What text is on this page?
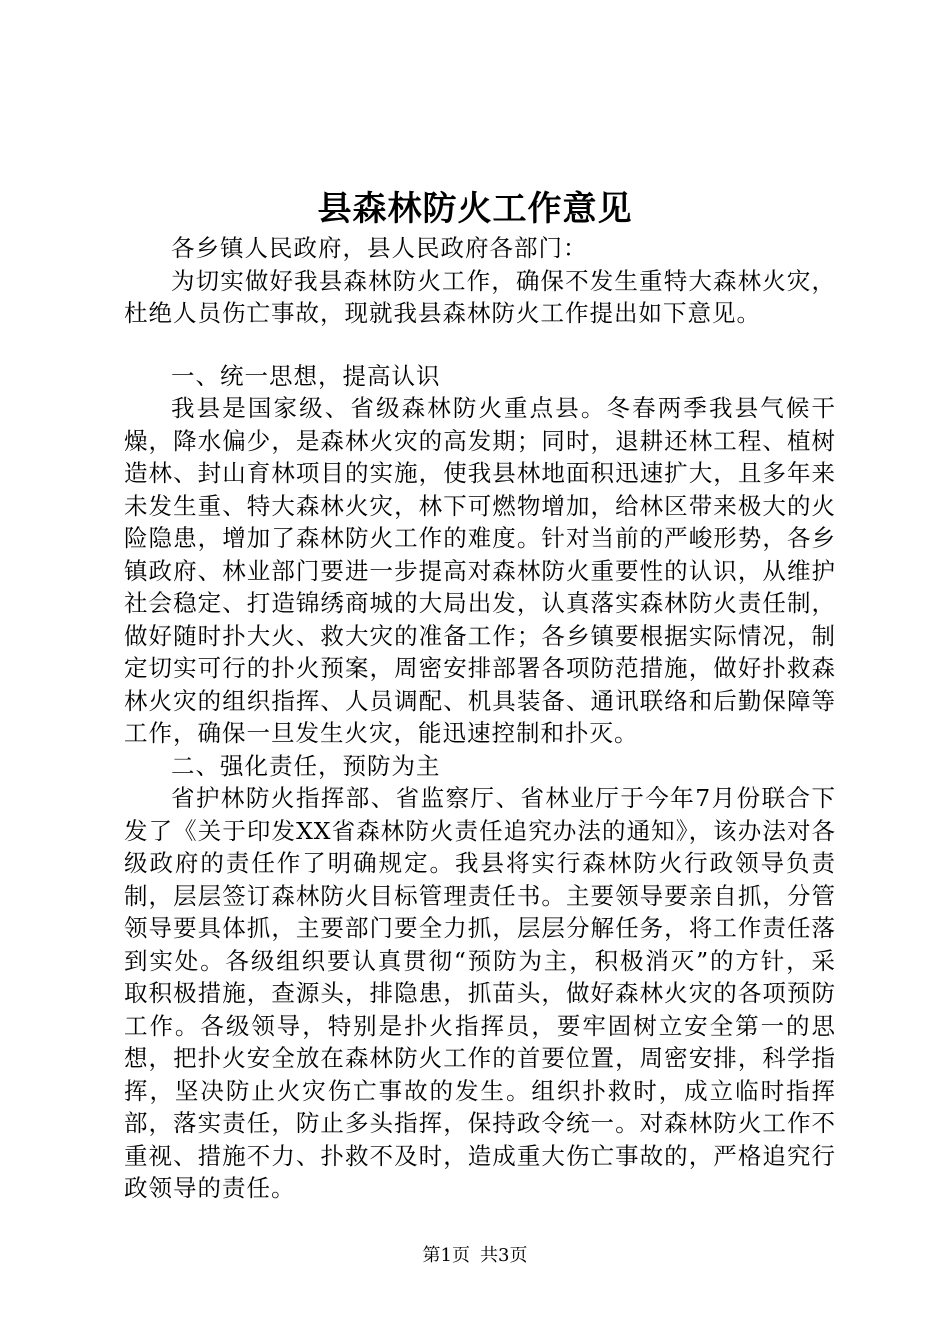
县森林防火工作意见

各乡镇人民政府，县人民政府各部门：

为切实做好我县森林防火工作，确保不发生重特大森林火灾，杜绝人员伤亡事故，现就我县森林防火工作提出如下意见。

一、统一思想，提高认识

我县是国家级、省级森林防火重点县。冬春两季我县气候干燥，降水偏少，是森林火灾的高发期；同时，退耕还林工程、植树造林、封山育林项目的实施，使我县林地面积迅速扩大，且多年来未发生重、特大森林火灾，林下可燃物增加，给林区带来极大的火险隐患，增加了森林防火工作的难度。针对当前的严峻形势，各乡镇政府、林业部门要进一步提高对森林防火重要性的认识，从维护社会稳定、打造锦绣商城的大局出发，认真落实森林防火责任制，做好随时扑大火、救大灾的准备工作；各乡镇要根据实际情况，制定切实可行的扑火预案，周密安排部署各项防范措施，做好扑救森林火灾的组织指挥、人员调配、机具装备、通讯联络和后勤保障等工作，确保一旦发生火灾，能迅速控制和扑灭。

二、强化责任，预防为主

省护林防火指挥部、省监察厅、省林业厅于今年7月份联合下发了《关于印发XX省森林防火责任追究办法的通知》，该办法对各级政府的责任作了明确规定。我县将实行森林防火行政领导负责制，层层签订森林防火目标管理责任书。主要领导要亲自抓，分管领导要具体抓，主要部门要全力抓，层层分解任务，将工作责任落到实处。各级组织要认真贯彻“预防为主，积极消灭”的方针，采取积极措施，查源头，排隐患，抓苗头，做好森林火灾的各项预防工作。各级领导，特别是扑火指挥员，要牢固树立安全第一的思想，把扑火安全放在森林防火工作的首要位置，周密安排，科学指挥，坚决防止火灾伤亡事故的发生。组织扑救时，成立临时指挥部，落实责任，防止多头指挥，保持政令统一。对森林防火工作不重视、措施不力、扑救不及时，造成重大伤亡事故的，严格追究行政领导的责任。

第1页 共3页
